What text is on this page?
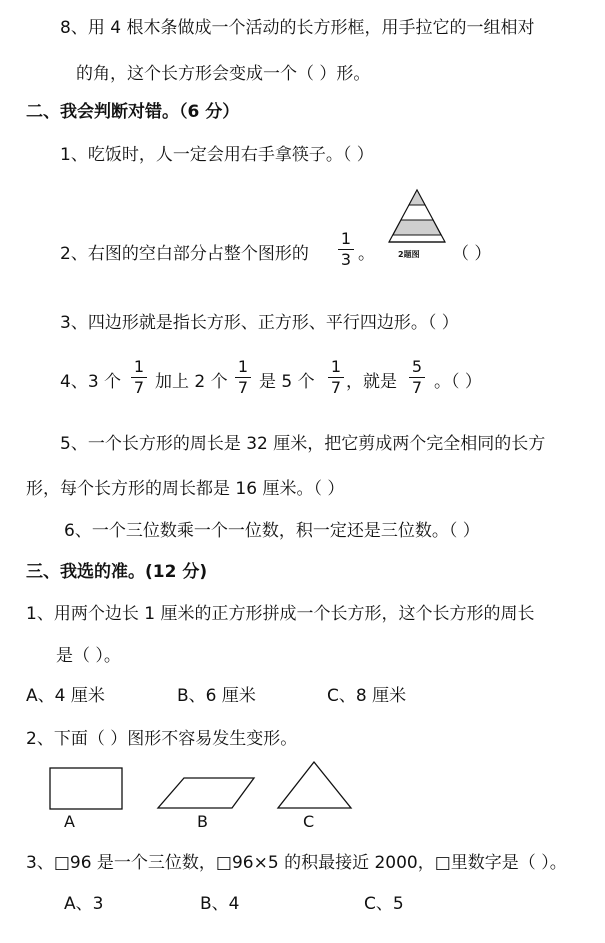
8、用 4 根木条做成一个活动的长方形框，用手拉它的一组相对
的角，这个长方形会变成一个（ ）形。
二、我会判断对错。（6 分）
1、吃饭时，人一定会用右手拿筷子。（ ）
2、右图的空白部分占整个图形的
1
3 。	2题图 （ ）
3、四边形就是指长方形、正方形、平行四边形。（ ）
4、3 个
1
7 加上 2 个
1
7 是 5 个
1
7 ，就是
5
7 。（ ）
5、一个长方形的周长是 32 厘米，把它剪成两个完全相同的长方
形，每个长方形的周长都是 16 厘米。（ ）
6、一个三位数乘一个一位数，积一定还是三位数。（ ）
三、我选的准。(12 分)
1、用两个边长 1 厘米的正方形拼成一个长方形，这个长方形的周长
是（ ）。
A、4 厘米	B、6 厘米	C、8 厘米
2、下面（ ）图形不容易发生变形。
A	B	C
3、□96 是一个三位数，□96×5 的积最接近 2000，□里数字是（ ）。
A、3	B、4	C、5
